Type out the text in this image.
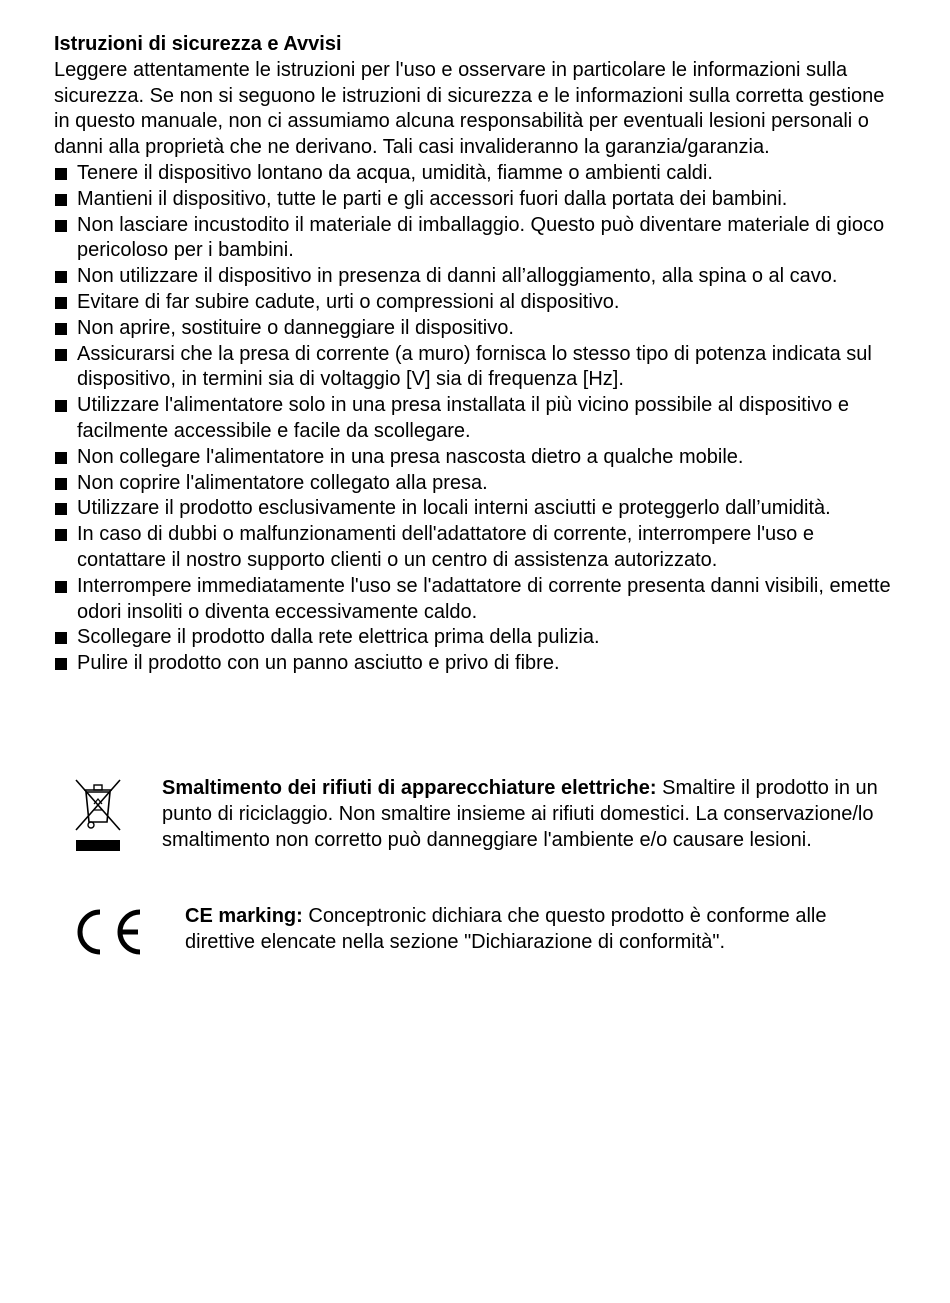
Istruzioni di sicurezza e Avvisi

Leggere attentamente le istruzioni per l'uso e osservare in particolare le informazioni sulla sicurezza. Se non si seguono le istruzioni di sicurezza e le informazioni sulla corretta gestione in questo manuale, non ci assumiamo alcuna responsabilità per eventuali lesioni personali o danni alla proprietà che ne derivano. Tali casi invalideranno la garanzia/garanzia.

Tenere il dispositivo lontano da acqua, umidità, fiamme o ambienti caldi.
Mantieni il dispositivo, tutte le parti e gli accessori fuori dalla portata dei bambini.
Non lasciare incustodito il materiale di imballaggio. Questo può diventare materiale di gioco pericoloso per i bambini.
Non utilizzare il dispositivo in presenza di danni all’alloggiamento, alla spina o al cavo.
Evitare di far subire cadute, urti o compressioni al dispositivo.
Non aprire, sostituire o danneggiare il dispositivo.
Assicurarsi che la presa di corrente (a muro) fornisca lo stesso tipo di potenza indicata sul dispositivo, in termini sia di voltaggio [V] sia di frequenza [Hz].
Utilizzare l'alimentatore solo in una presa installata il più vicino possibile al dispositivo e facilmente accessibile e facile da scollegare.
Non collegare l'alimentatore in una presa nascosta dietro a qualche mobile.
Non coprire l'alimentatore collegato alla presa.
Utilizzare il prodotto esclusivamente in locali interni asciutti e proteggerlo dall’umidità.
In caso di dubbi o malfunzionamenti dell'adattatore di corrente, interrompere l'uso e contattare il nostro supporto clienti o un centro di assistenza autorizzato.
Interrompere immediatamente l'uso se l'adattatore di corrente presenta danni visibili, emette odori insoliti o diventa eccessivamente caldo.
Scollegare il prodotto dalla rete elettrica prima della pulizia.
Pulire il prodotto con un panno asciutto e privo di fibre.
Smaltimento dei rifiuti di apparecchiature elettriche: Smaltire il prodotto in un punto di riciclaggio. Non smaltire insieme ai rifiuti domestici. La conservazione/lo smaltimento non corretto può danneggiare l'ambiente e/o causare lesioni.
CE marking: Conceptronic dichiara che questo prodotto è conforme alle direttive elencate nella sezione "Dichiarazione di conformità".
